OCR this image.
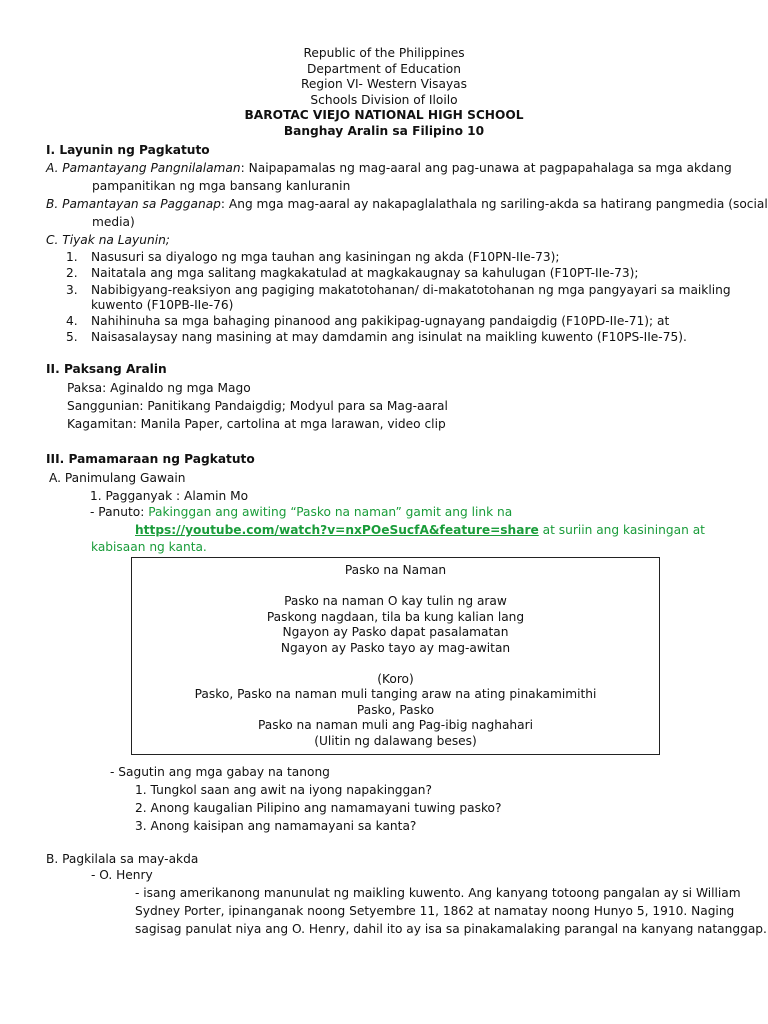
Republic of the Philippines
Department of Education
Region VI- Western Visayas
Schools Division of Iloilo
BAROTAC VIEJO NATIONAL HIGH SCHOOL
Banghay Aralin sa Filipino 10
I. Layunin ng Pagkatuto
A. Pamantayang Pangnilalaman: Naipapamalas ng mag-aaral ang pag-unawa at pagpapahalaga sa mga akdang
pampanitikan ng mga bansang kanluranin
B. Pamantayan sa Pagganap: Ang mga mag-aaral ay nakapaglalathala ng sariling-akda sa hatirang pangmedia (social
media)
C. Tiyak na Layunin;
1. Nasusuri sa diyalogo ng mga tauhan ang kasiningan ng akda (F10PN-IIe-73);
2. Naitatala ang mga salitang magkakatulad at magkakaugnay sa kahulugan (F10PT-IIe-73);
3. Nabibigyang-reaksiyon ang pagiging makatotohanan/ di-makatotohanan ng mga pangyayari sa maikling
kuwento (F10PB-IIe-76)
4. Nahihinuha sa mga bahaging pinanood ang pakikipag-ugnayang pandaigdig (F10PD-IIe-71); at
5. Naisasalaysay nang masining at may damdamin ang isinulat na maikling kuwento (F10PS-IIe-75).
II. Paksang Aralin
Paksa: Aginaldo ng mga Mago
Sanggunian: Panitikang Pandaigdig; Modyul para sa Mag-aaral
Kagamitan: Manila Paper, cartolina at mga larawan, video clip
III. Pamamaraan ng Pagkatuto
A. Panimulang Gawain
1. Pagganyak : Alamin Mo
- Panuto: Pakinggan ang awiting “Pasko na naman” gamit ang link na
https://youtube.com/watch?v=nxPOeSucfA&feature=share at suriin ang kasiningan at
kabisaan ng kanta.
Pasko na Naman
Pasko na naman O kay tulin ng araw
Paskong nagdaan, tila ba kung kalian lang
Ngayon ay Pasko dapat pasalamatan
Ngayon ay Pasko tayo ay mag-awitan
(Koro)
Pasko, Pasko na naman muli tanging araw na ating pinakamimithi
Pasko, Pasko
Pasko na naman muli ang Pag-ibig naghahari
(Ulitin ng dalawang beses)
- Sagutin ang mga gabay na tanong
1. Tungkol saan ang awit na iyong napakinggan?
2. Anong kaugalian Pilipino ang namamayani tuwing pasko?
3. Anong kaisipan ang namamayani sa kanta?
B. Pagkilala sa may-akda
- O. Henry
- isang amerikanong manunulat ng maikling kuwento. Ang kanyang totoong pangalan ay si William
Sydney Porter, ipinanganak noong Setyembre 11, 1862 at namatay noong Hunyo 5, 1910. Naging
sagisag panulat niya ang O. Henry, dahil ito ay isa sa pinakamalaking parangal na kanyang natanggap.
